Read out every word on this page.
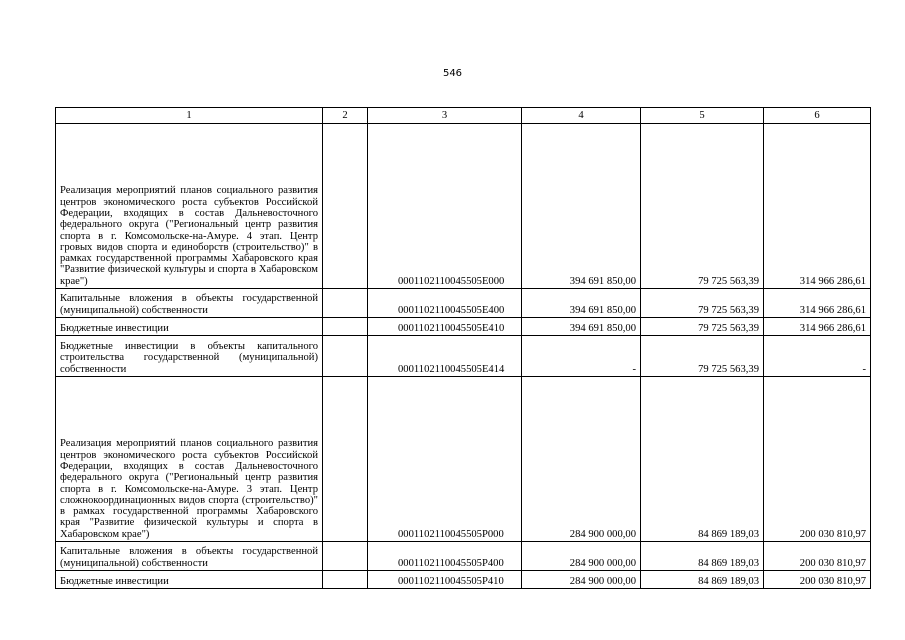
546
1	2	3	4	5	6

Реализация мероприятий планов социального развития центров экономического роста субъектов Российской Федерации, входящих в состав Дальневосточного федерального округа ("Региональный центр развития спорта в г. Комсомольске-на-Амуре. 4 этап. Центр гровых видов спорта и единоборств (строительство)" в рамках государственной программы Хабаровского края "Развитие физической культуры и спорта в Хабаровском крае")		0001102110045505E000	394 691 850,00	79 725 563,39	314 966 286,61

Капитальные вложения в объекты государственной (муниципальной) собственности		0001102110045505E400	394 691 850,00	79 725 563,39	314 966 286,61

Бюджетные инвестиции		0001102110045505E410	394 691 850,00	79 725 563,39	314 966 286,61

Бюджетные инвестиции в объекты капитального строительства государственной (муниципальной) собственности		0001102110045505E414	-	79 725 563,39	-

Реализация мероприятий планов социального развития центров экономического роста субъектов Российской Федерации, входящих в состав Дальневосточного федерального округа ("Региональный центр развития спорта в г. Комсомольске-на-Амуре. 3 этап. Центр сложнокоординационных видов спорта (строительство)" в рамках государственной программы Хабаровского края "Развитие физической культуры и спорта в Хабаровском крае")		0001102110045505P000	284 900 000,00	84 869 189,03	200 030 810,97

Капитальные вложения в объекты государственной (муниципальной) собственности		0001102110045505P400	284 900 000,00	84 869 189,03	200 030 810,97

Бюджетные инвестиции		0001102110045505P410	284 900 000,00	84 869 189,03	200 030 810,97
